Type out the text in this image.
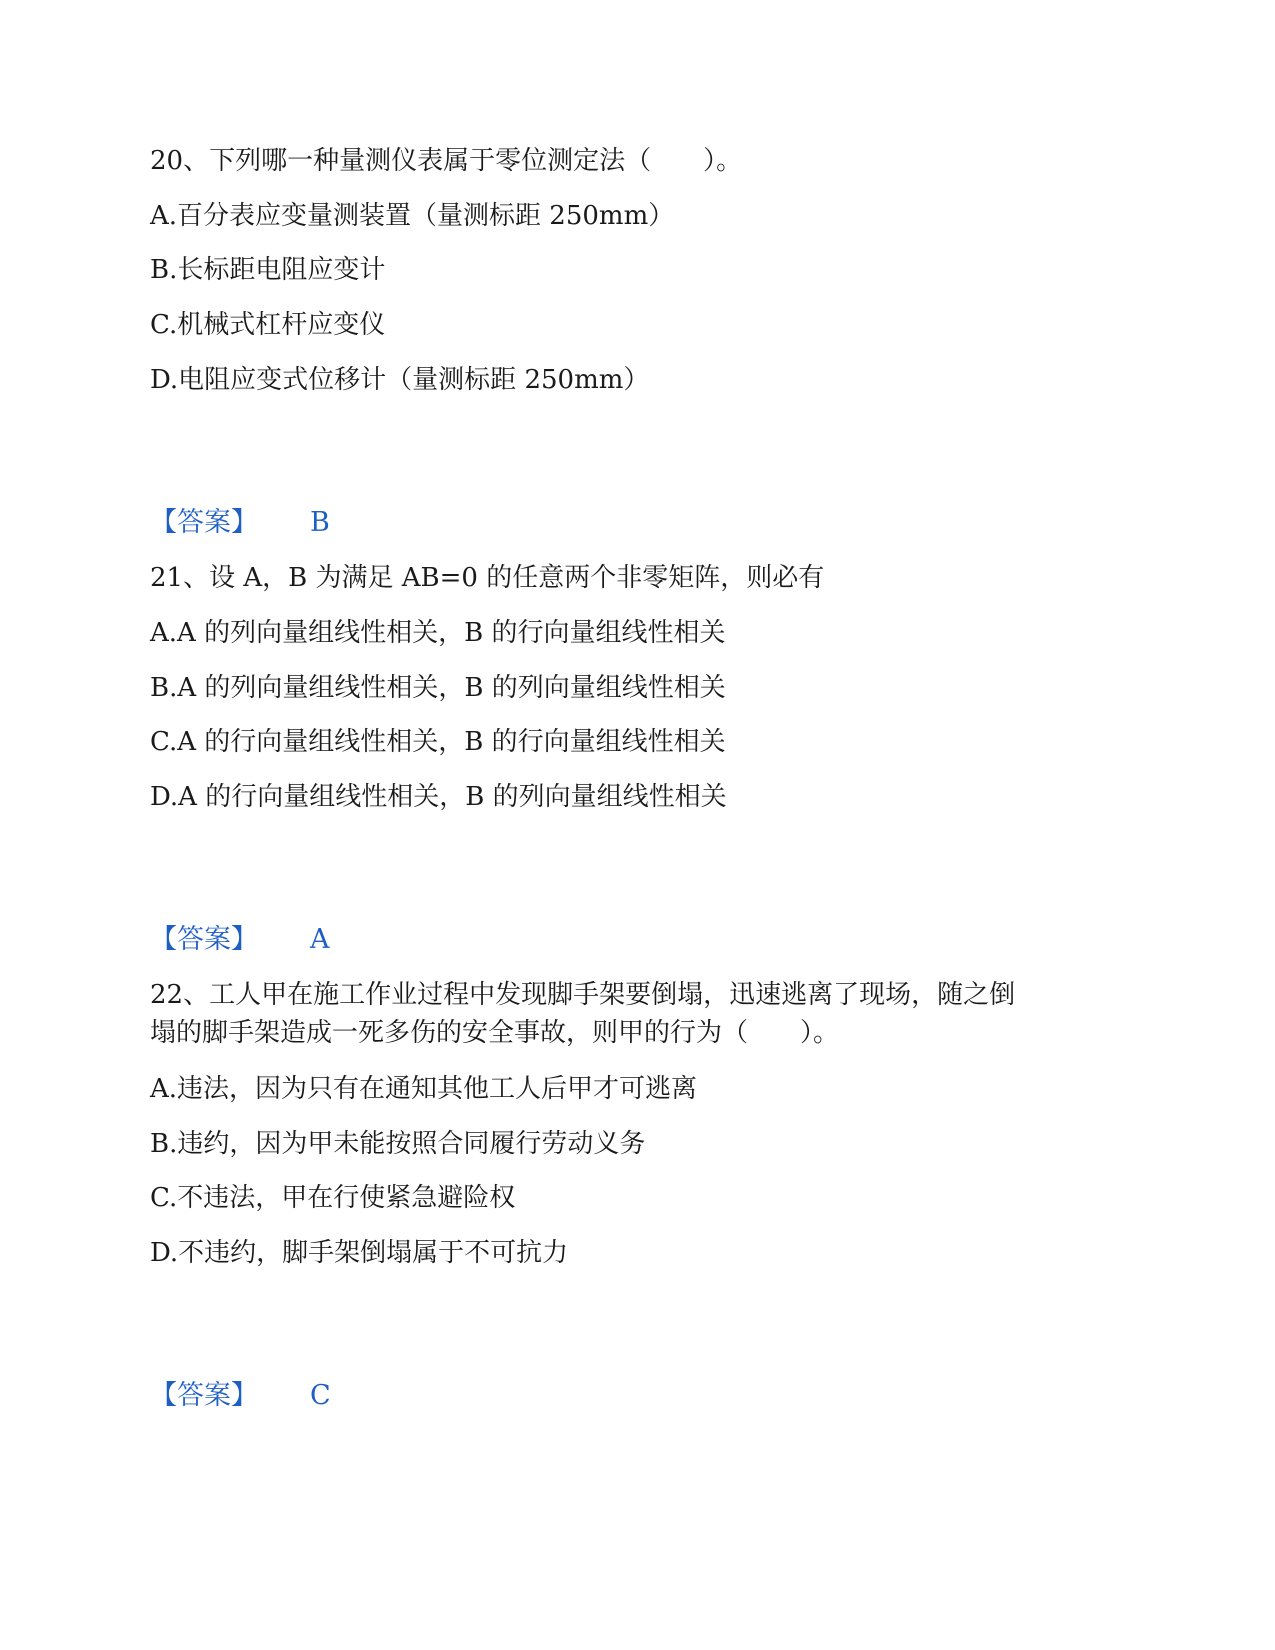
20、下列哪一种量测仪表属于零位测定法（　　）。
A.百分表应变量测装置（量测标距 250mm）
B.长标距电阻应变计
C.机械式杠杆应变仪
D.电阻应变式位移计（量测标距 250mm）
【答案】 B
21、设 A，B 为满足 AB=0 的任意两个非零矩阵，则必有
A.A 的列向量组线性相关，B 的行向量组线性相关
B.A 的列向量组线性相关，B 的列向量组线性相关
C.A 的行向量组线性相关，B 的行向量组线性相关
D.A 的行向量组线性相关，B 的列向量组线性相关
【答案】 A
22、工人甲在施工作业过程中发现脚手架要倒塌，迅速逃离了现场，随之倒
塌的脚手架造成一死多伤的安全事故，则甲的行为（　　）。
A.违法，因为只有在通知其他工人后甲才可逃离
B.违约，因为甲未能按照合同履行劳动义务
C.不违法，甲在行使紧急避险权
D.不违约，脚手架倒塌属于不可抗力
【答案】 C
